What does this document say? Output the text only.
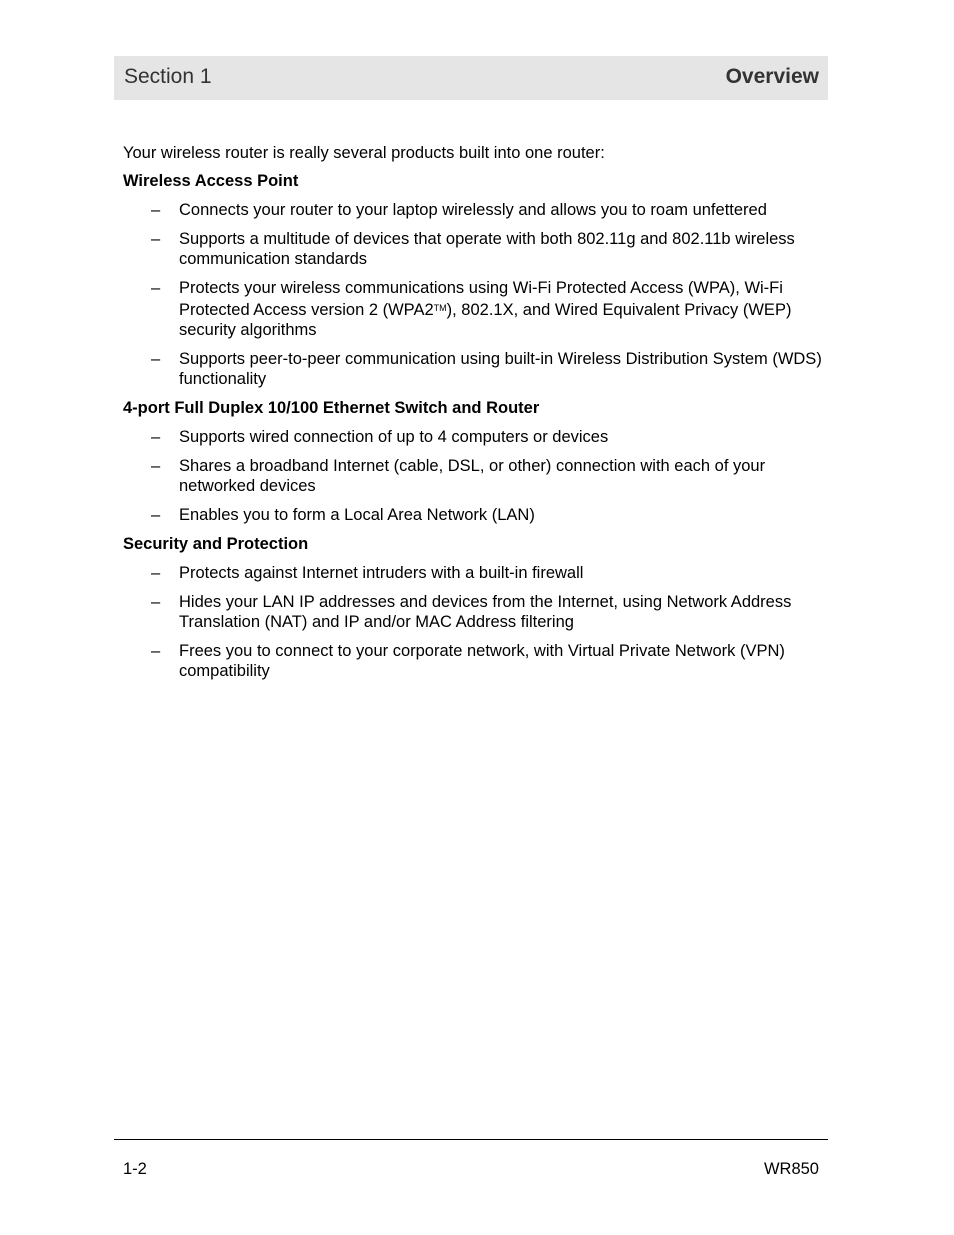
Section 1	Overview

Your wireless router is really several products built into one router:

Wireless Access Point
– Connects your router to your laptop wirelessly and allows you to roam unfettered
– Supports a multitude of devices that operate with both 802.11g and 802.11b wireless communication standards
– Protects your wireless communications using Wi-Fi Protected Access (WPA), Wi-Fi Protected Access version 2 (WPA2™), 802.1X, and Wired Equivalent Privacy (WEP) security algorithms
– Supports peer-to-peer communication using built-in Wireless Distribution System (WDS) functionality
4-port Full Duplex 10/100 Ethernet Switch and Router
– Supports wired connection of up to 4 computers or devices
– Shares a broadband Internet (cable, DSL, or other) connection with each of your networked devices
– Enables you to form a Local Area Network (LAN)
Security and Protection
– Protects against Internet intruders with a built-in firewall
– Hides your LAN IP addresses and devices from the Internet, using Network Address Translation (NAT) and IP and/or MAC Address filtering
– Frees you to connect to your corporate network, with Virtual Private Network (VPN) compatibility
1-2	WR850
